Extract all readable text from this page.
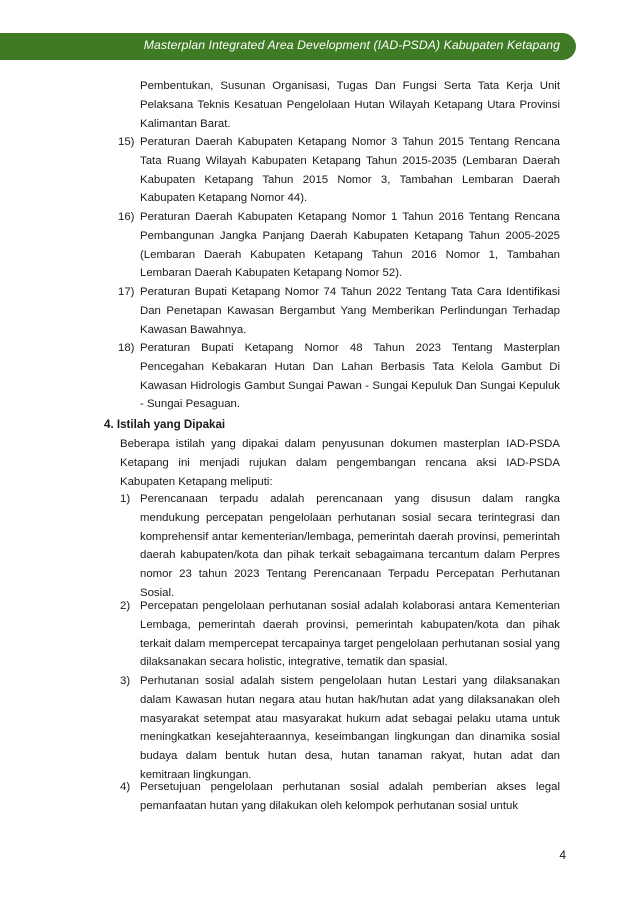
Masterplan Integrated Area Development (IAD-PSDA) Kabupaten Ketapang

Pembentukan, Susunan Organisasi, Tugas Dan Fungsi Serta Tata Kerja Unit Pelaksana Teknis Kesatuan Pengelolaan Hutan Wilayah Ketapang Utara Provinsi Kalimantan Barat.

15) Peraturan Daerah Kabupaten Ketapang Nomor 3 Tahun 2015 Tentang Rencana Tata Ruang Wilayah Kabupaten Ketapang Tahun 2015-2035 (Lembaran Daerah Kabupaten Ketapang Tahun 2015 Nomor 3, Tambahan Lembaran Daerah Kabupaten Ketapang Nomor 44).

16) Peraturan Daerah Kabupaten Ketapang Nomor 1 Tahun 2016 Tentang Rencana Pembangunan Jangka Panjang Daerah Kabupaten Ketapang Tahun 2005-2025 (Lembaran Daerah Kabupaten Ketapang Tahun 2016 Nomor 1, Tambahan Lembaran Daerah Kabupaten Ketapang Nomor 52).

17) Peraturan Bupati Ketapang Nomor 74 Tahun 2022 Tentang Tata Cara Identifikasi Dan Penetapan Kawasan Bergambut Yang Memberikan Perlindungan Terhadap Kawasan Bawahnya.

18) Peraturan Bupati Ketapang Nomor 48 Tahun 2023 Tentang Masterplan Pencegahan Kebakaran Hutan Dan Lahan Berbasis Tata Kelola Gambut Di Kawasan Hidrologis Gambut Sungai Pawan - Sungai Kepuluk Dan Sungai Kepuluk - Sungai Pesaguan.

4. Istilah yang Dipakai

Beberapa istilah yang dipakai dalam penyusunan dokumen masterplan IAD-PSDA Ketapang ini menjadi rujukan dalam pengembangan rencana aksi IAD-PSDA Kabupaten Ketapang meliputi:

1) Perencanaan terpadu adalah perencanaan yang disusun dalam rangka mendukung percepatan pengelolaan perhutanan sosial secara terintegrasi dan komprehensif antar kementerian/lembaga, pemerintah daerah provinsi, pemerintah daerah kabupaten/kota dan pihak terkait sebagaimana tercantum dalam Perpres nomor 23 tahun 2023 Tentang Perencanaan Terpadu Percepatan Perhutanan Sosial.

2) Percepatan pengelolaan perhutanan sosial adalah kolaborasi antara Kementerian Lembaga, pemerintah daerah provinsi, pemerintah kabupaten/kota dan pihak terkait dalam mempercepat tercapainya target pengelolaan perhutanan sosial yang dilaksanakan secara holistic, integrative, tematik dan spasial.

3) Perhutanan sosial adalah sistem pengelolaan hutan Lestari yang dilaksanakan dalam Kawasan hutan negara atau hutan hak/hutan adat yang dilaksanakan oleh masyarakat setempat atau masyarakat hukum adat sebagai pelaku utama untuk meningkatkan kesejahteraannya, keseimbangan lingkungan dan dinamika sosial budaya dalam bentuk hutan desa, hutan tanaman rakyat, hutan adat dan kemitraan lingkungan.

4) Persetujuan pengelolaan perhutanan sosial adalah pemberian akses legal pemanfaatan hutan yang dilakukan oleh kelompok perhutanan sosial untuk

4
